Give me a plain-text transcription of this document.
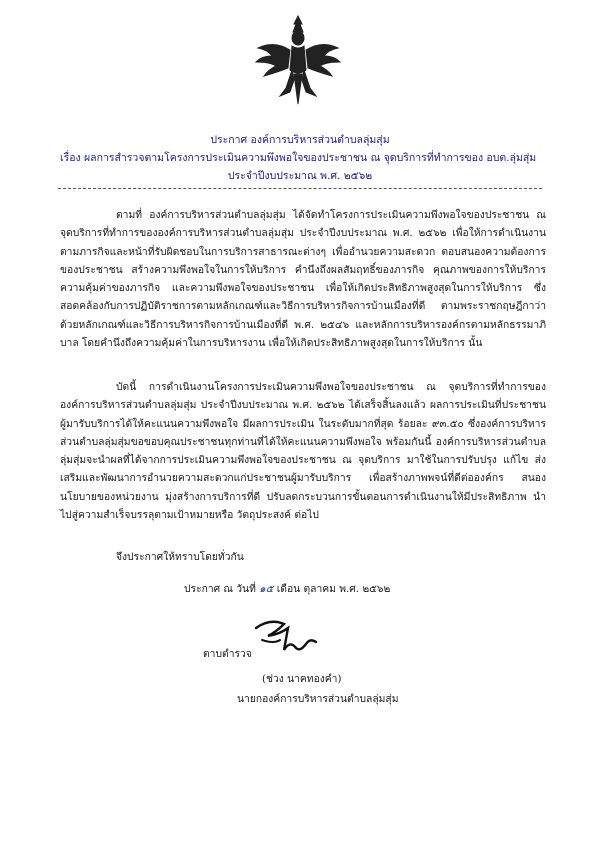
ประกาศ องค์การบริหารส่วนตำบลลุ่มสุ่ม
เรื่อง ผลการสำรวจตามโครงการประเมินความพึงพอใจของประชาชน ณ จุดบริการที่ทำการของ อบต.ลุ่มสุ่ม
ประจำปีงบประมาณ พ.ศ. ๒๕๖๒

ตามที่ องค์การบริหารส่วนตำบลลุ่มสุ่ม ได้จัดทำโครงการประเมินความพึงพอใจของประชาชน ณ จุดบริการที่ทำการขององค์การบริหารส่วนตำบลลุ่มสุ่ม ประจำปีงบประมาณ พ.ศ. ๒๕๖๒ เพื่อให้การดำเนินงานตามภารกิจและหน้าที่รับผิดชอบในการบริการสาธารณะต่างๆ เพื่ออำนวยความสะดวก ตอบสนองความต้องการของประชาชน สร้างความพึงพอใจในการให้บริการ คำนึงถึงผลสัมฤทธิ์ของภารกิจ คุณภาพของการให้บริการ ความคุ้มค่าของภารกิจ และความพึงพอใจของประชาชน เพื่อให้เกิดประสิทธิภาพสูงสุดในการให้บริการ ซึ่งสอดคล้องกับการปฏิบัติราชการตามหลักเกณฑ์และวิธีการบริหารกิจการบ้านเมืองที่ดี ตามพระราชกฤษฎีกาว่าด้วยหลักเกณฑ์และวิธีการบริหารกิจการบ้านเมืองที่ดี พ.ศ. ๒๕๔๖ และหลักการบริหารองค์กรตามหลักธรรมาภิบาล โดยคำนึงถึงความคุ้มค่าในการบริหารงาน เพื่อให้เกิดประสิทธิภาพสูงสุดในการให้บริการ นั้น

บัดนี้ การดำเนินงานโครงการประเมินความพึงพอใจของประชาชน ณ จุดบริการที่ทำการขององค์การบริหารส่วนตำบลลุ่มสุ่ม ประจำปีงบประมาณ พ.ศ. ๒๕๖๒ ได้เสร็จสิ้นลงแล้ว ผลการประเมินที่ประชาชนผู้มารับบริการได้ให้คะแนนความพึงพอใจ มีผลการประเมิน ในระดับมากที่สุด ร้อยละ ๙๓.๕๐ ซึ่งองค์การบริหารส่วนตำบลลุ่มสุ่มขอขอบคุณประชาชนทุกท่านที่ได้ให้คะแนนความพึงพอใจ พร้อมกันนี้ องค์การบริหารส่วนตำบลลุ่มสุ่มจะนำผลที่ได้จากการประเมินความพึงพอใจของประชาชน ณ จุดบริการ มาใช้ในการปรับปรุง แก้ไข ส่งเสริมและพัฒนาการอำนวยความสะดวกแก่ประชาชนผู้มารับบริการ เพื่อสร้างภาพพจน์ที่ดีต่อองค์กร สนองนโยบายของหน่วยงาน มุ่งสร้างการบริการที่ดี ปรับลดกระบวนการขั้นตอนการดำเนินงานให้มีประสิทธิภาพ นำไปสู่ความสำเร็จบรรลุตามเป้าหมายหรือ วัตถุประสงค์ ต่อไป

จึงประกาศให้ทราบโดยทั่วกัน
ประกาศ ณ วันที่ ๑๕ เดือน ตุลาคม พ.ศ. ๒๕๖๒
ตาบตำรวจ
(ช่วง นาคทองคำ)
นายกองค์การบริหารส่วนตำบลลุ่มสุ่ม
